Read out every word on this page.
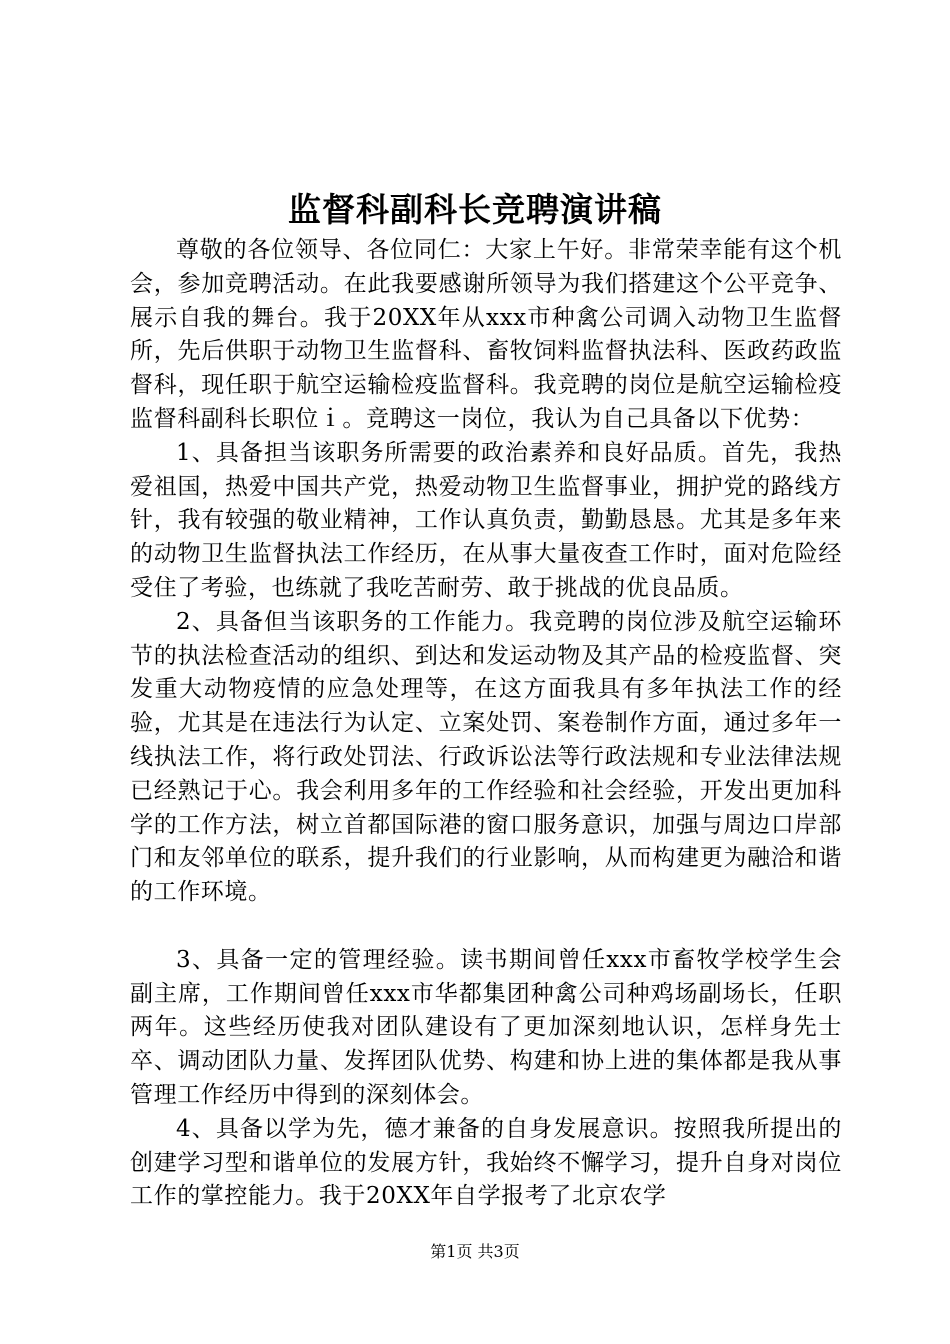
监督科副科长竞聘演讲稿

尊敬的各位领导、各位同仁：大家上午好。非常荣幸能有这个机会，参加竞聘活动。在此我要感谢所领导为我们搭建这个公平竞争、展示自我的舞台。我于20XX年从xxx市种禽公司调入动物卫生监督所，先后供职于动物卫生监督科、畜牧饲料监督执法科、医政药政监督科，现任职于航空运输检疫监督科。我竞聘的岗位是航空运输检疫监督科副科长职位ｉ。竞聘这一岗位，我认为自己具备以下优势：

1、具备担当该职务所需要的政治素养和良好品质。首先，我热爱祖国，热爱中国共产党，热爱动物卫生监督事业，拥护党的路线方针，我有较强的敬业精神，工作认真负责，勤勤恳恳。尤其是多年来的动物卫生监督执法工作经历，在从事大量夜查工作时，面对危险经受住了考验，也练就了我吃苦耐劳、敢于挑战的优良品质。

2、具备但当该职务的工作能力。我竞聘的岗位涉及航空运输环节的执法检查活动的组织、到达和发运动物及其产品的检疫监督、突发重大动物疫情的应急处理等，在这方面我具有多年执法工作的经验，尤其是在违法行为认定、立案处罚、案卷制作方面，通过多年一线执法工作，将行政处罚法、行政诉讼法等行政法规和专业法律法规已经熟记于心。我会利用多年的工作经验和社会经验，开发出更加科学的工作方法，树立首都国际港的窗口服务意识，加强与周边口岸部门和友邻单位的联系，提升我们的行业影响，从而构建更为融洽和谐的工作环境。

3、具备一定的管理经验。读书期间曾任xxx市畜牧学校学生会副主席，工作期间曾任xxx市华都集团种禽公司种鸡场副场长，任职两年。这些经历使我对团队建设有了更加深刻地认识，怎样身先士卒、调动团队力量、发挥团队优势、构建和协上进的集体都是我从事管理工作经历中得到的深刻体会。

4、具备以学为先，德才兼备的自身发展意识。按照我所提出的创建学习型和谐单位的发展方针，我始终不懈学习，提升自身对岗位工作的掌控能力。我于20XX年自学报考了北京农学

第1页 共3页
